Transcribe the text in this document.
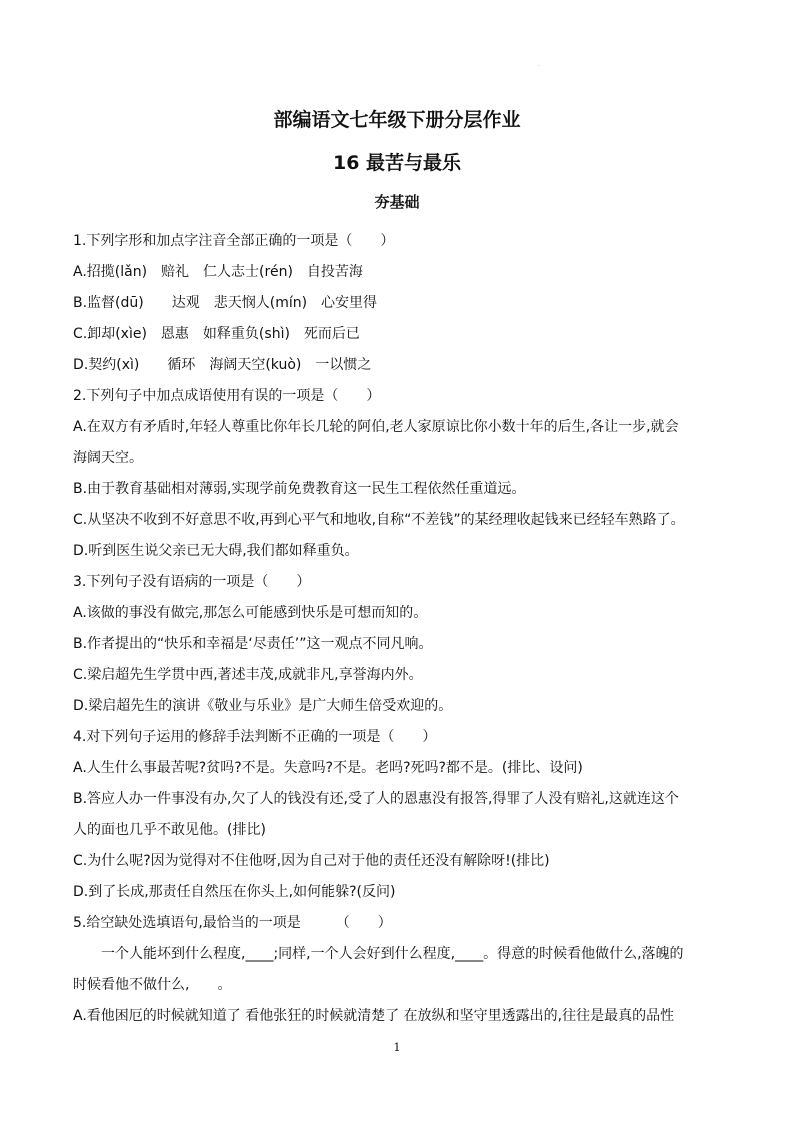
·
部编语文七年级下册分层作业
16 最苦与最乐
夯基础
1.下列字形和加点字注音全部正确的一项是（　　）
A.招揽(lǎn)　赔礼　仁人志士(rén)　自投苦海
B.监督(dū)　　达观　悲天悯人(mín)　心安里得
C.卸却(xìe)　恩惠　如释重负(shì)　死而后已
D.契约(xì)　　循环　海阔天空(kuò)　一以惯之
2.下列句子中加点成语使用有误的一项是（　　）
A.在双方有矛盾时,年轻人尊重比你年长几轮的阿伯,老人家原谅比你小数十年的后生,各让一步,就会
海阔天空。
B.由于教育基础相对薄弱,实现学前免费教育这一民生工程依然任重道远。
C.从坚决不收到不好意思不收,再到心平气和地收,自称“不差钱”的某经理收起钱来已经轻车熟路了。
D.听到医生说父亲已无大碍,我们都如释重负。
3.下列句子没有语病的一项是（　　）
A.该做的事没有做完,那怎么可能感到快乐是可想而知的。
B.作者提出的“快乐和幸福是‘尽责任’”这一观点不同凡响。
C.梁启超先生学贯中西,著述丰茂,成就非凡,享誉海内外。
D.梁启超先生的演讲《敬业与乐业》是广大师生倍受欢迎的。
4.对下列句子运用的修辞手法判断不正确的一项是（　　）
A.人生什么事最苦呢?贫吗?不是。失意吗?不是。老吗?死吗?都不是。(排比、设问)
B.答应人办一件事没有办,欠了人的钱没有还,受了人的恩惠没有报答,得罪了人没有赔礼,这就连这个
人的面也几乎不敢见他。(排比)
C.为什么呢?因为觉得对不住他呀,因为自己对于他的责任还没有解除呀!(排比)
D.到了长成,那责任自然压在你头上,如何能躲?(反问)
5.给空缺处选填语句,最恰当的一项是　　　（　　）
一个人能坏到什么程度,____;同样,一个人会好到什么程度,____。得意的时候看他做什么,落魄的
时候看他不做什么,　　。
A.看他困厄的时候就知道了 看他张狂的时候就清楚了 在放纵和坚守里透露出的,往往是最真的品性
1
